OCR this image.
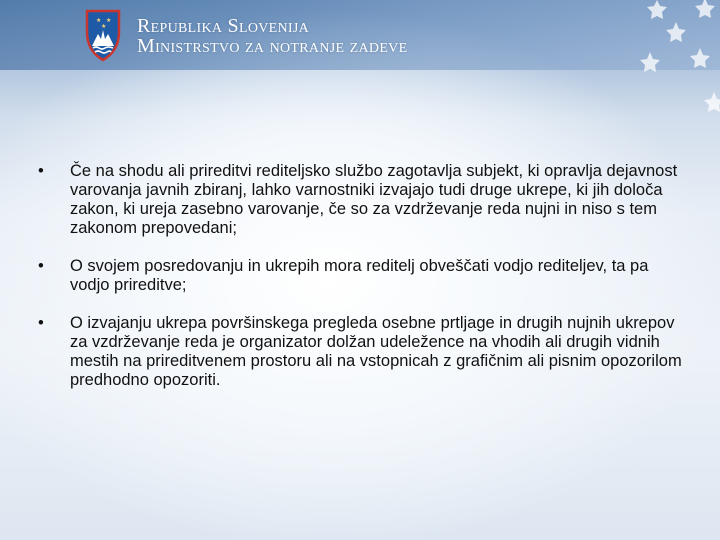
★ ★
★ Republika Slovenija
Ministrstvo za notranje zadeve
•	Če na shodu ali prireditvi rediteljsko službo zagotavlja subjekt, ki opravlja dejavnost varovanja javnih zbiranj, lahko varnostniki izvajajo tudi druge ukrepe, ki jih določa zakon, ki ureja zasebno varovanje, če so za vzdrževanje reda nujni in niso s tem zakonom prepovedani;
•	O svojem posredovanju in ukrepih mora reditelj obveščati vodjo rediteljev, ta pa vodjo prireditve;
•	O izvajanju ukrepa površinskega pregleda osebne prtljage in drugih nujnih ukrepov za vzdrževanje reda je organizator dolžan udeležence na vhodih ali drugih vidnih mestih na prireditvenem prostoru ali na vstopnicah z grafičnim ali pisnim opozorilom predhodno opozoriti.
